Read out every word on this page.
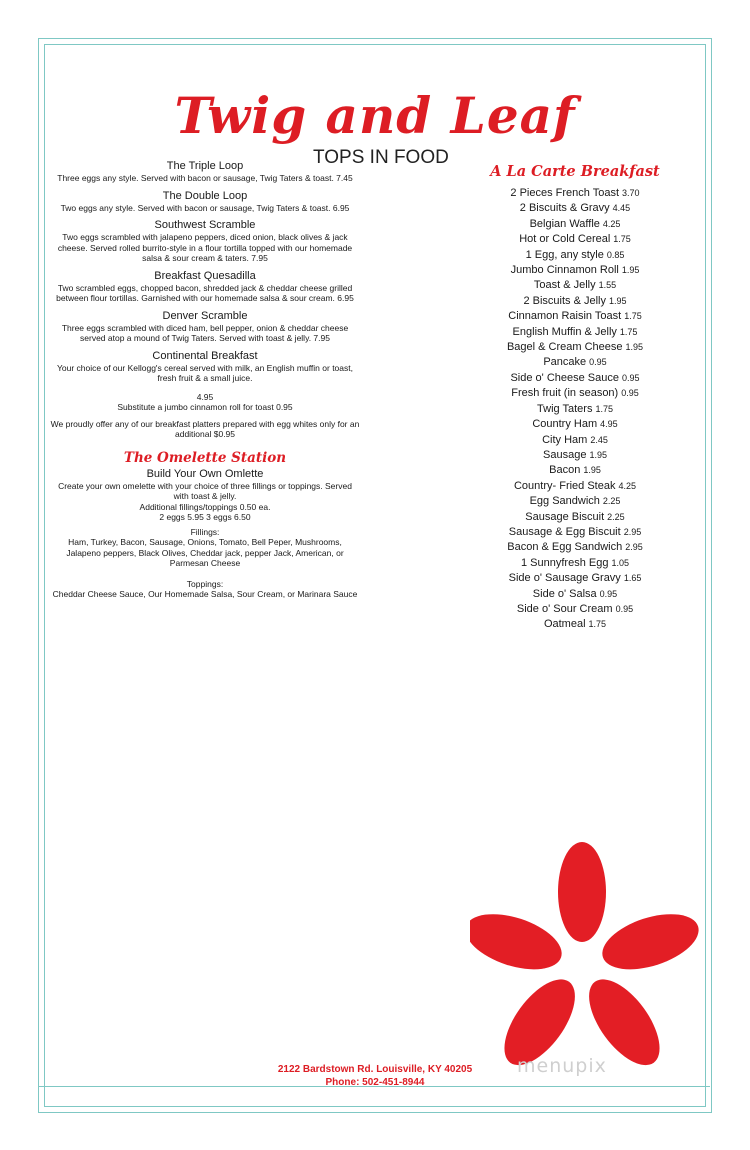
Twig and Leaf
TOPS IN FOOD
The Triple Loop
Three eggs any style. Served with bacon or sausage, Twig Taters & toast. 7.45
The Double Loop
Two eggs any style. Served with bacon or sausage, Twig Taters & toast. 6.95
Southwest Scramble
Two eggs scrambled with jalapeno peppers, diced onion, black olives & jack cheese. Served rolled burrito-style in a flour tortilla topped with our homemade salsa & sour cream & taters. 7.95
Breakfast Quesadilla
Two scrambled eggs, chopped bacon, shredded jack & cheddar cheese grilled between flour tortillas. Garnished with our homemade salsa & sour cream. 6.95
Denver Scramble
Three eggs scrambled with diced ham, bell pepper, onion & cheddar cheese served atop a mound of Twig Taters. Served with toast & jelly. 7.95
Continental Breakfast
Your choice of our Kellogg's cereal served with milk, an English muffin or toast, fresh fruit & a small juice.
4.95
Substitute a jumbo cinnamon roll for toast 0.95
We proudly offer any of our breakfast platters prepared with egg whites only for an additional $0.95
The Omelette Station
Build Your Own Omlette
Create your own omelette with your choice of three fillings or toppings. Served with toast & jelly.
Additional fillings/toppings 0.50 ea.
2 eggs 5.95 3 eggs 6.50
Fillings:
Ham, Turkey, Bacon, Sausage, Onions, Tomato, Bell Peper, Mushrooms, Jalapeno peppers, Black Olives, Cheddar jack, pepper Jack, American, or Parmesan Cheese
Toppings:
Cheddar Cheese Sauce, Our Homemade Salsa, Sour Cream, or Marinara Sauce
A La Carte Breakfast
2 Pieces French Toast 3.70
2 Biscuits & Gravy 4.45
Belgian Waffle 4.25
Hot or Cold Cereal 1.75
1 Egg, any style 0.85
Jumbo Cinnamon Roll 1.95
Toast & Jelly 1.55
2 Biscuits & Jelly 1.95
Cinnamon Raisin Toast 1.75
English Muffin & Jelly 1.75
Bagel & Cream Cheese 1.95
Pancake 0.95
Side o' Cheese Sauce 0.95
Fresh fruit (in season) 0.95
Twig Taters 1.75
Country Ham 4.95
City Ham 2.45
Sausage 1.95
Bacon 1.95
Country- Fried Steak 4.25
Egg Sandwich 2.25
Sausage Biscuit 2.25
Sausage & Egg Biscuit 2.95
Bacon & Egg Sandwich 2.95
1 Sunnyfresh Egg 1.05
Side o' Sausage Gravy 1.65
Side o' Salsa 0.95
Side o' Sour Cream 0.95
Oatmeal 1.75
menupix
2122 Bardstown Rd. Louisville, KY 40205
Phone: 502-451-8944
